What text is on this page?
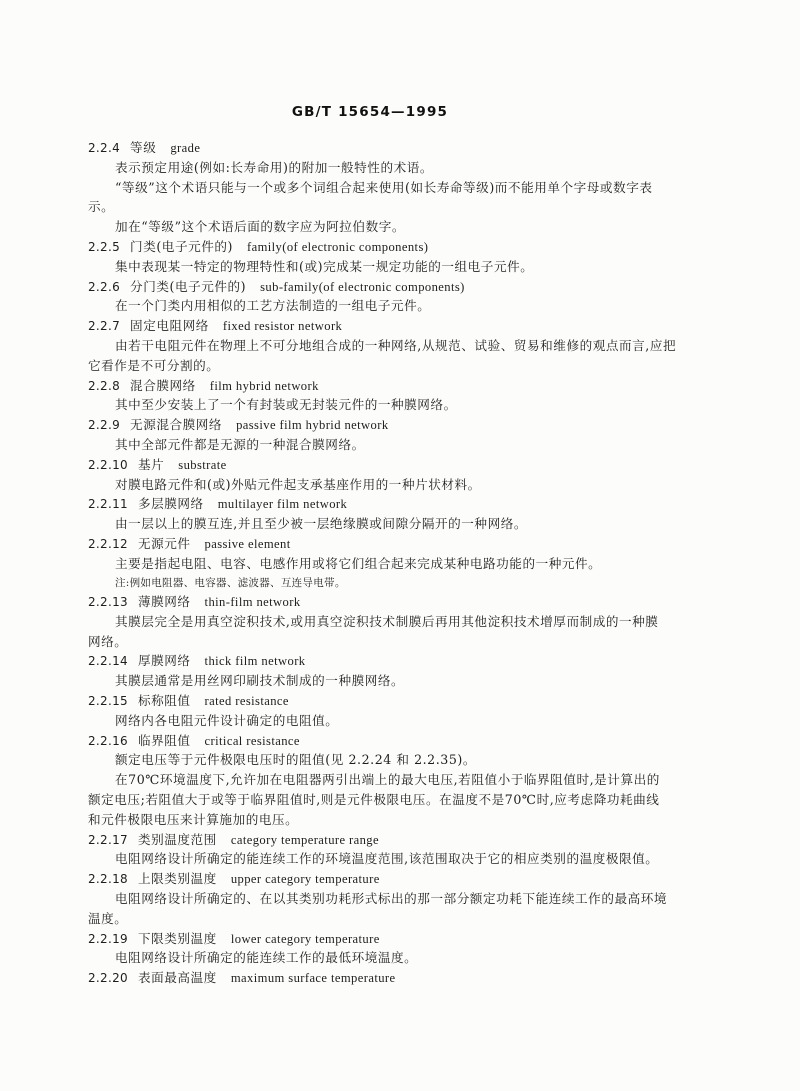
GB/T 15654—1995
2.2.4 等级 grade
表示预定用途(例如:长寿命用)的附加一般特性的术语。
“等级”这个术语只能与一个或多个词组合起来使用(如长寿命等级)而不能用单个字母或数字表
示。
加在“等级”这个术语后面的数字应为阿拉伯数字。
2.2.5 门类(电子元件的) family(of electronic components)
集中表现某一特定的物理特性和(或)完成某一规定功能的一组电子元件。
2.2.6 分门类(电子元件的) sub-family(of electronic components)
在一个门类内用相似的工艺方法制造的一组电子元件。
2.2.7 固定电阻网络 fixed resistor network
由若干电阻元件在物理上不可分地组合成的一种网络,从规范、试验、贸易和维修的观点而言,应把
它看作是不可分割的。
2.2.8 混合膜网络 film hybrid network
其中至少安装上了一个有封装或无封装元件的一种膜网络。
2.2.9 无源混合膜网络 passive film hybrid network
其中全部元件都是无源的一种混合膜网络。
2.2.10 基片 substrate
对膜电路元件和(或)外贴元件起支承基座作用的一种片状材料。
2.2.11 多层膜网络 multilayer film network
由一层以上的膜互连,并且至少被一层绝缘膜或间隙分隔开的一种网络。
2.2.12 无源元件 passive element
主要是指起电阻、电容、电感作用或将它们组合起来完成某种电路功能的一种元件。
注:例如电阻器、电容器、滤波器、互连导电带。
2.2.13 薄膜网络 thin-film network
其膜层完全是用真空淀积技术,或用真空淀积技术制膜后再用其他淀积技术增厚而制成的一种膜
网络。
2.2.14 厚膜网络 thick film network
其膜层通常是用丝网印刷技术制成的一种膜网络。
2.2.15 标称阻值 rated resistance
网络内各电阻元件设计确定的电阻值。
2.2.16 临界阻值 critical resistance
额定电压等于元件极限电压时的阻值(见 2.2.24 和 2.2.35)。
在70℃环境温度下,允许加在电阻器两引出端上的最大电压,若阻值小于临界阻值时,是计算出的
额定电压;若阻值大于或等于临界阻值时,则是元件极限电压。在温度不是70℃时,应考虑降功耗曲线
和元件极限电压来计算施加的电压。
2.2.17 类别温度范围 category temperature range
电阻网络设计所确定的能连续工作的环境温度范围,该范围取决于它的相应类别的温度极限值。
2.2.18 上限类别温度 upper category temperature
电阻网络设计所确定的、在以其类别功耗形式标出的那一部分额定功耗下能连续工作的最高环境
温度。
2.2.19 下限类别温度 lower category temperature
电阻网络设计所确定的能连续工作的最低环境温度。
2.2.20 表面最高温度 maximum surface temperature
